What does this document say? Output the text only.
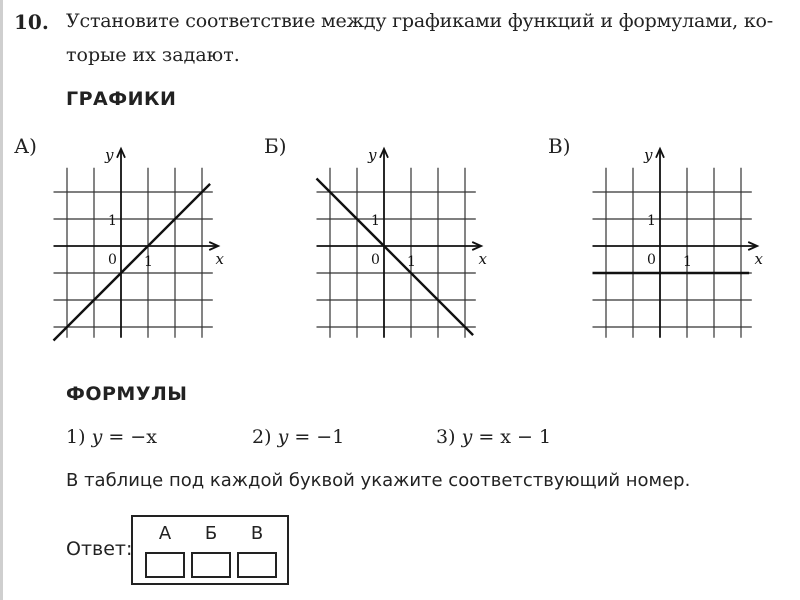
10. Установите соответствие между графиками функций и формулами, ко-
торые их задают.
ГРАФИКИ
А)	Б)	В)
x
y
0
1
1	x
y
0
1
1	x
y
0
1
1
ФОРМУЛЫ
1) y = −x	2) y = −1	3) y = x − 1
В таблице под каждой буквой укажите соответствующий номер.
Ответ:
А	Б	В
